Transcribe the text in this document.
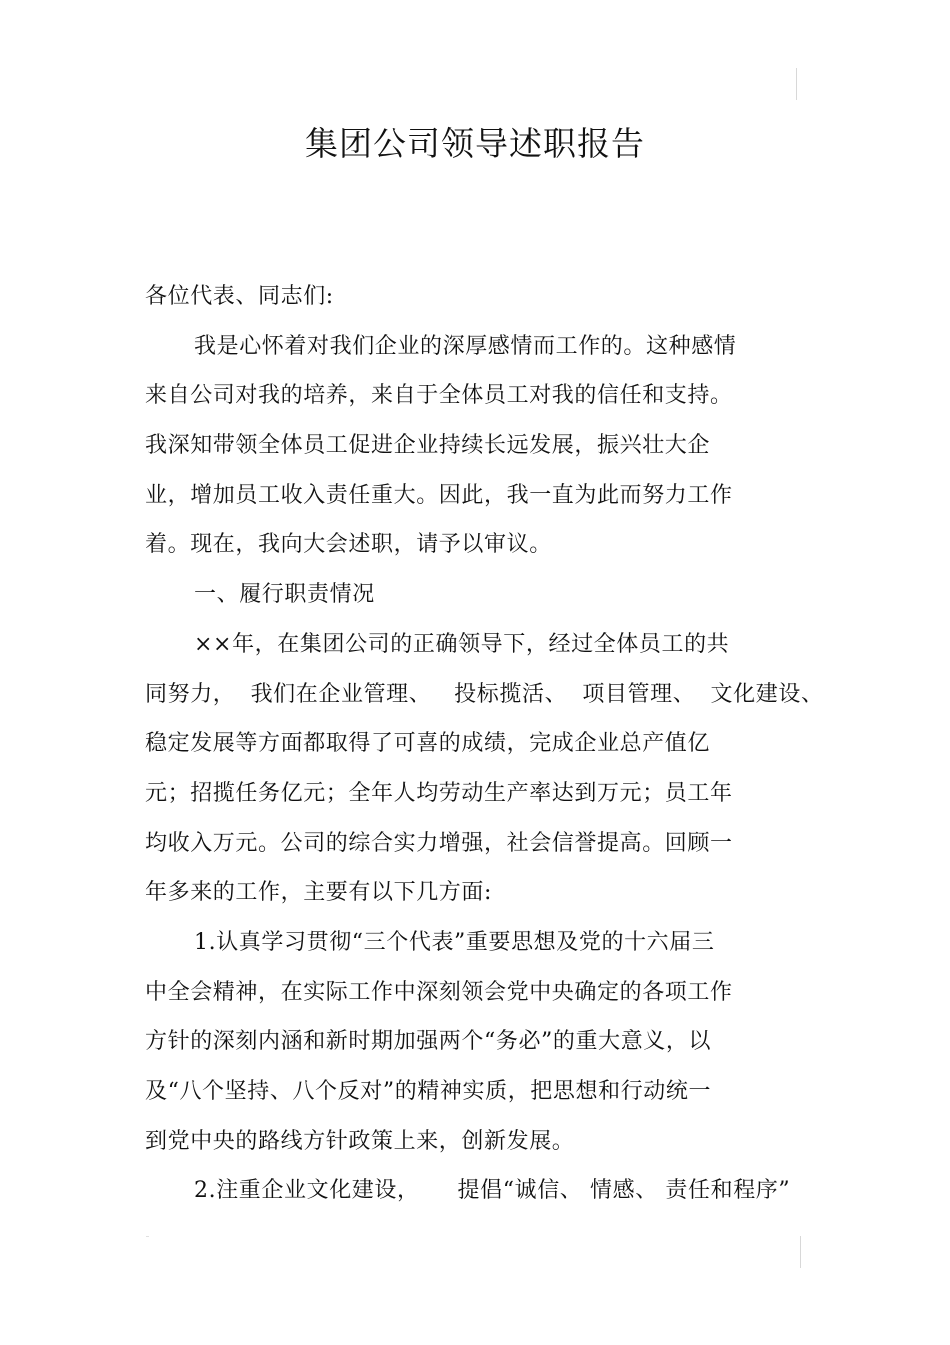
集团公司领导述职报告
各位代表、同志们:
我是心怀着对我们企业的深厚感情而工作的。这种感情
来自公司对我的培养，来自于全体员工对我的信任和支持。
我深知带领全体员工促进企业持续长远发展，振兴壮大企
业，增加员工收入责任重大。因此，我一直为此而努力工作
着。现在，我向大会述职，请予以审议。
一、履行职责情况
××年，在集团公司的正确领导下，经过全体员工的共
同努力，  我们在企业管理、   投标揽活、  项目管理、  文化建设、
稳定发展等方面都取得了可喜的成绩，完成企业总产值亿
元；招揽任务亿元；全年人均劳动生产率达到万元；员工年
均收入万元。公司的综合实力增强，社会信誉提高。回顾一
年多来的工作，主要有以下几方面:
1.认真学习贯彻“三个代表”重要思想及党的十六届三
中全会精神，在实际工作中深刻领会党中央确定的各项工作
方针的深刻内涵和新时期加强两个“务必”的重大意义，以
及“八个坚持、八个反对”的精神实质，把思想和行动统一
到党中央的路线方针政策上来，创新发展。
2.注重企业文化建设，     提倡“诚信、 情感、 责任和程序”
